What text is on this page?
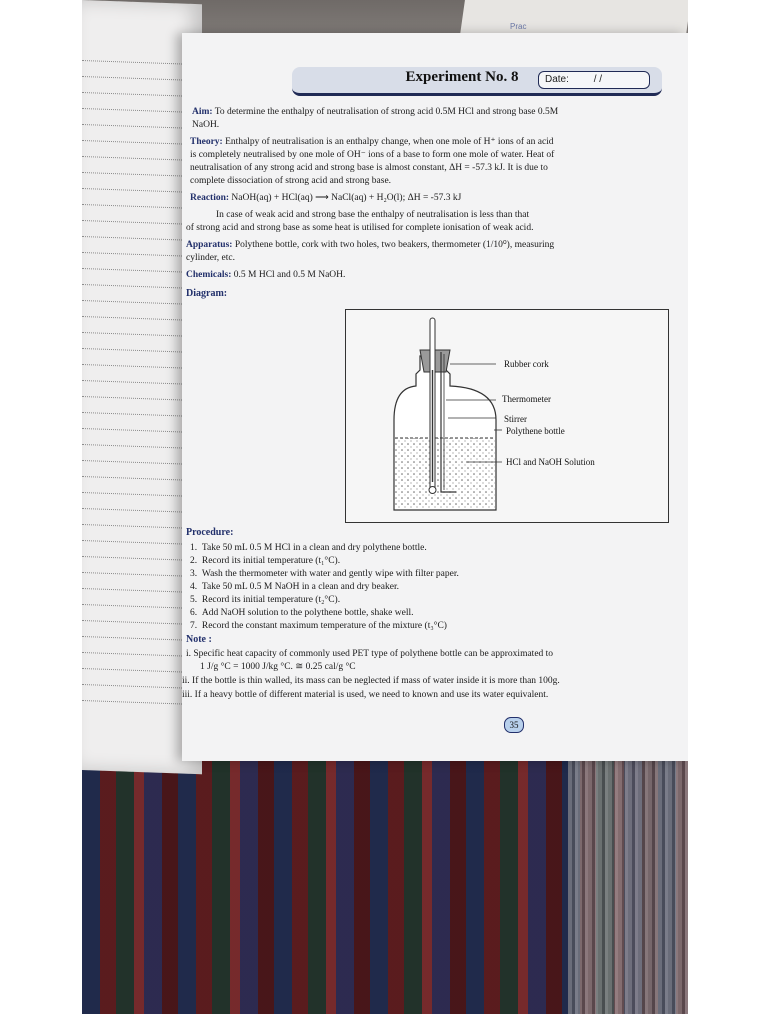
Prac
Experiment No. 8	Date: / /
Aim: To determine the enthalpy of neutralisation of strong acid 0.5M HCl and strong base 0.5M
NaOH.
Theory: Enthalpy of neutralisation is an enthalpy change, when one mole of H⁺ ions of an acid
is completely neutralised by one mole of OH⁻ ions of a base to form one mole of water. Heat of
neutralisation of any strong acid and strong base is almost constant, ΔH = -57.3 kJ. It is due to
complete dissociation of strong acid and strong base.
Reaction: NaOH(aq) + HCl(aq) ⟶ NaCl(aq) + H₂O(l); ΔH = -57.3 kJ
In case of weak acid and strong base the enthalpy of neutralisation is less than that
of strong acid and strong base as some heat is utilised for complete ionisation of weak acid.
Apparatus: Polythene bottle, cork with two holes, two beakers, thermometer (1/10⁰), measuring
cylinder, etc.
Chemicals: 0.5 M HCl and 0.5 M NaOH.
Diagram:
Rubber cork
Thermometer
Stirrer
Polythene bottle
HCl and NaOH Solution
Procedure:
1. Take 50 mL 0.5 M HCl in a clean and dry polythene bottle.
2. Record its initial temperature (t₁°C).
3. Wash the thermometer with water and gently wipe with filter paper.
4. Take 50 mL 0.5 M NaOH in a clean and dry beaker.
5. Record its initial temperature (t₂°C).
6. Add NaOH solution to the polythene bottle, shake well.
7. Record the constant maximum temperature of the mixture (t₃°C)
Note :
i. Specific heat capacity of commonly used PET type of polythene bottle can be approximated to
1 J/g °C = 1000 J/kg °C. ≅ 0.25 cal/g °C
ii. If the bottle is thin walled, its mass can be neglected if mass of water inside it is more than 100g.
iii. If a heavy bottle of different material is used, we need to known and use its water equivalent.
35
